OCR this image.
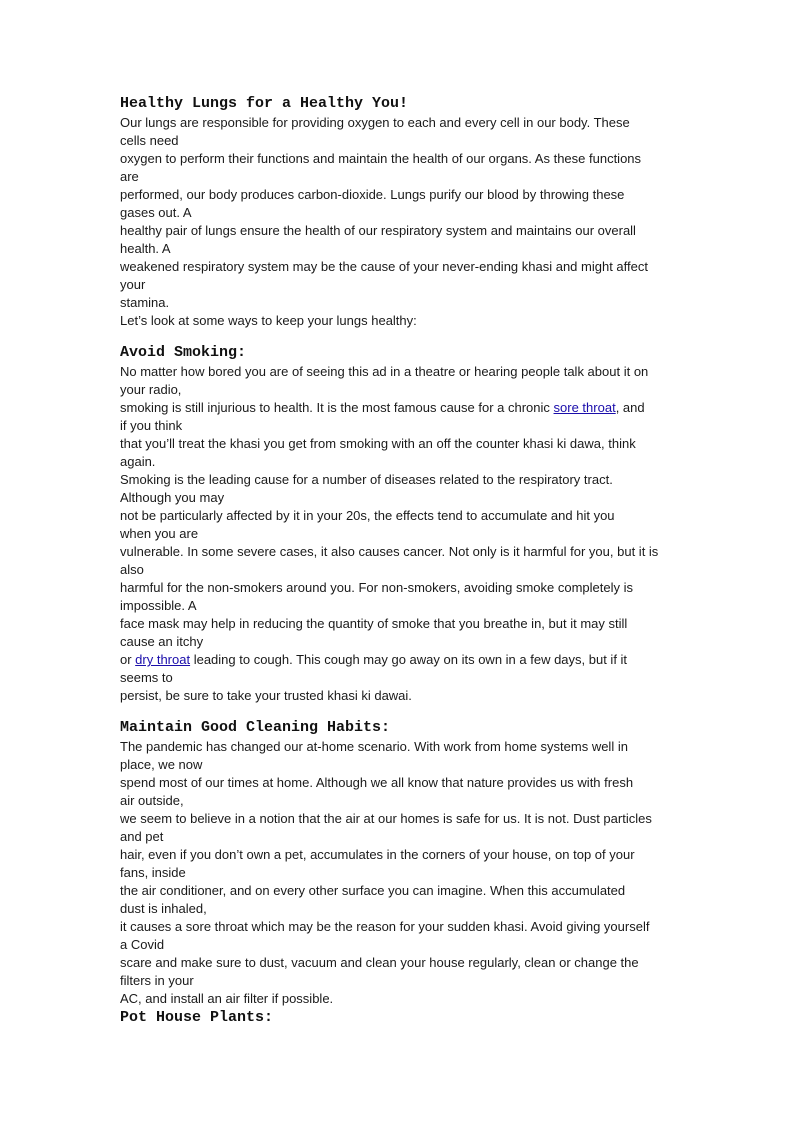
Healthy Lungs for a Healthy You!
Our lungs are responsible for providing oxygen to each and every cell in our body. These
cells need
oxygen to perform their functions and maintain the health of our organs. As these functions
are
performed, our body produces carbon-dioxide. Lungs purify our blood by throwing these
gases out. A
healthy pair of lungs ensure the health of our respiratory system and maintains our overall
health. A
weakened respiratory system may be the cause of your never-ending khasi and might affect
your
stamina.
Let’s look at some ways to keep your lungs healthy:
Avoid Smoking:
No matter how bored you are of seeing this ad in a theatre or hearing people talk about it on
your radio,
smoking is still injurious to health. It is the most famous cause for a chronic sore throat, and
if you think
that you’ll treat the khasi you get from smoking with an off the counter khasi ki dawa, think
again.
Smoking is the leading cause for a number of diseases related to the respiratory tract.
Although you may
not be particularly affected by it in your 20s, the effects tend to accumulate and hit you
when you are
vulnerable. In some severe cases, it also causes cancer. Not only is it harmful for you, but it is
also
harmful for the non-smokers around you. For non-smokers, avoiding smoke completely is
impossible. A
face mask may help in reducing the quantity of smoke that you breathe in, but it may still
cause an itchy
or dry throat leading to cough. This cough may go away on its own in a few days, but if it
seems to
persist, be sure to take your trusted khasi ki dawai.
Maintain Good Cleaning Habits:
The pandemic has changed our at-home scenario. With work from home systems well in
place, we now
spend most of our times at home. Although we all know that nature provides us with fresh
air outside,
we seem to believe in a notion that the air at our homes is safe for us. It is not. Dust particles
and pet
hair, even if you don’t own a pet, accumulates in the corners of your house, on top of your
fans, inside
the air conditioner, and on every other surface you can imagine. When this accumulated
dust is inhaled,
it causes a sore throat which may be the reason for your sudden khasi. Avoid giving yourself
a Covid
scare and make sure to dust, vacuum and clean your house regularly, clean or change the
filters in your
AC, and install an air filter if possible.
Pot House Plants:
